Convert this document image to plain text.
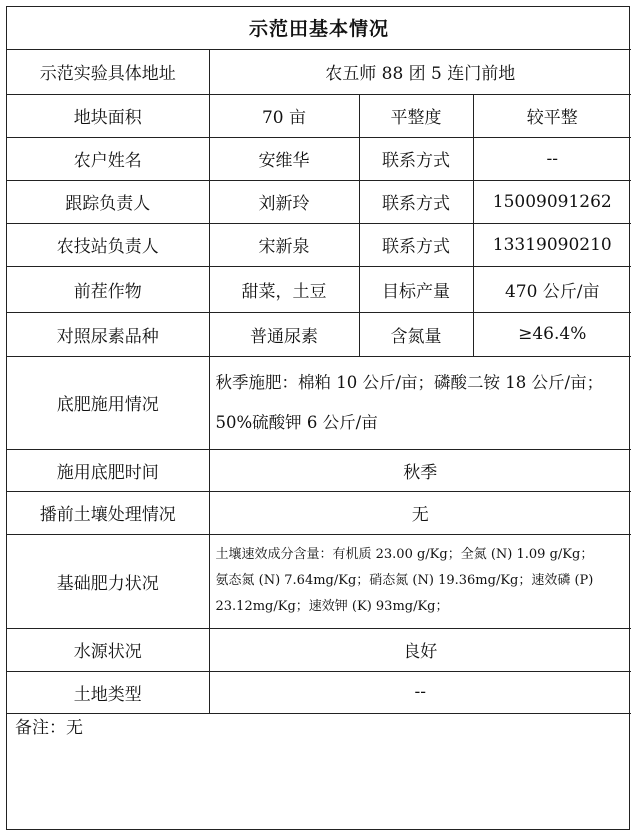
示范田基本情况			
示范实验具体地址	农五师 88 团 5 连门前地		
地块面积	70 亩	平整度	较平整
农户姓名	安维华	联系方式	--
跟踪负责人	刘新玲	联系方式	15009091262
农技站负责人	宋新泉	联系方式	13319090210
前茬作物	甜菜，土豆	目标产量	470 公斤/亩
对照尿素品种	普通尿素	含氮量	≥46.4%
底肥施用情况	秋季施肥：棉粕 10 公斤/亩；磷酸二铵 18 公斤/亩；
50%硫酸钾 6 公斤/亩		

施用底肥时间	秋季		
播前土壤处理情况	无		
基础肥力状况	土壤速效成分含量：有机质 23.00 g/Kg；全氮 (N) 1.09 g/Kg；
氨态氮 (N) 7.64mg/Kg；硝态氮 (N) 19.36mg/Kg；速效磷 (P)
23.12mg/Kg；速效钾 (K) 93mg/Kg；		

水源状况	良好		
土地类型	--		
备注：无
